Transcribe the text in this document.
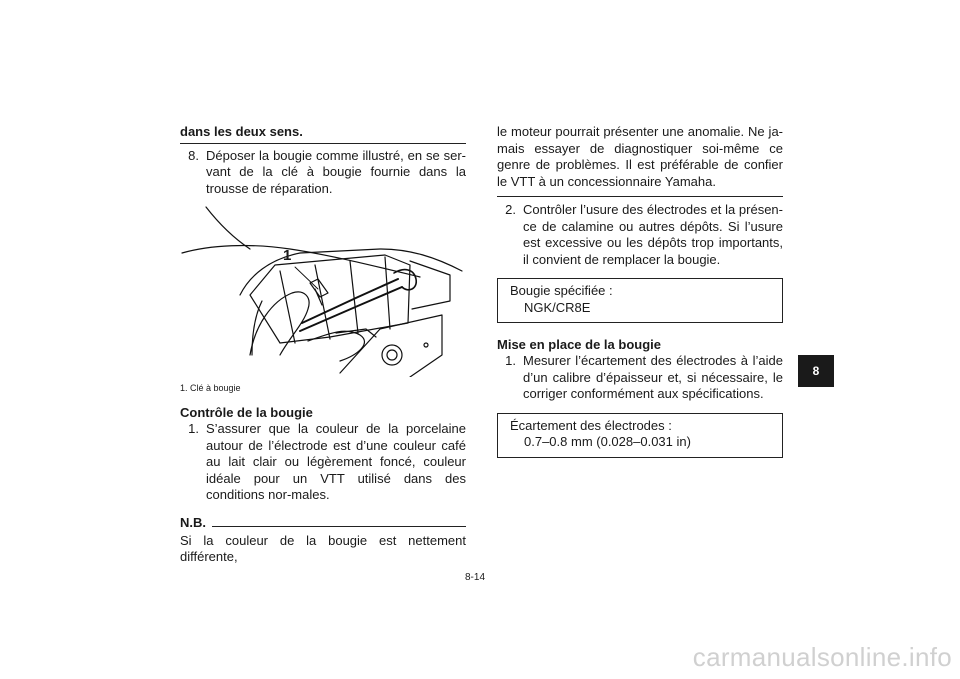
dans les deux sens.

8. Déposer la bougie comme illustré, en se ser-vant de la clé à bougie fournie dans la trousse de réparation.
1

1. Clé à bougie

Contrôle de la bougie

1. S’assurer que la couleur de la porcelaine autour de l’électrode est d’une couleur café au lait clair ou légèrement foncé, couleur idéale pour un VTT utilisé dans des conditions nor-males.
N.B.

Si la couleur de la bougie est nettement différente,

le moteur pourrait présenter une anomalie. Ne ja-mais essayer de diagnostiquer soi-même ce genre de problèmes. Il est préférable de confier le VTT à un concessionnaire Yamaha.

2. Contrôler l’usure des électrodes et la présen-ce de calamine ou autres dépôts. Si l’usure est excessive ou les dépôts trop importants, il convient de remplacer la bougie.
Bougie spécifiée :
NGK/CR8E

Mise en place de la bougie

1. Mesurer l’écartement des électrodes à l’aide d’un calibre d’épaisseur et, si nécessaire, le corriger conformément aux spécifications.
Écartement des électrodes :
0.7–0.8 mm (0.028–0.031 in)
8
8-14
carmanualsonline.info
